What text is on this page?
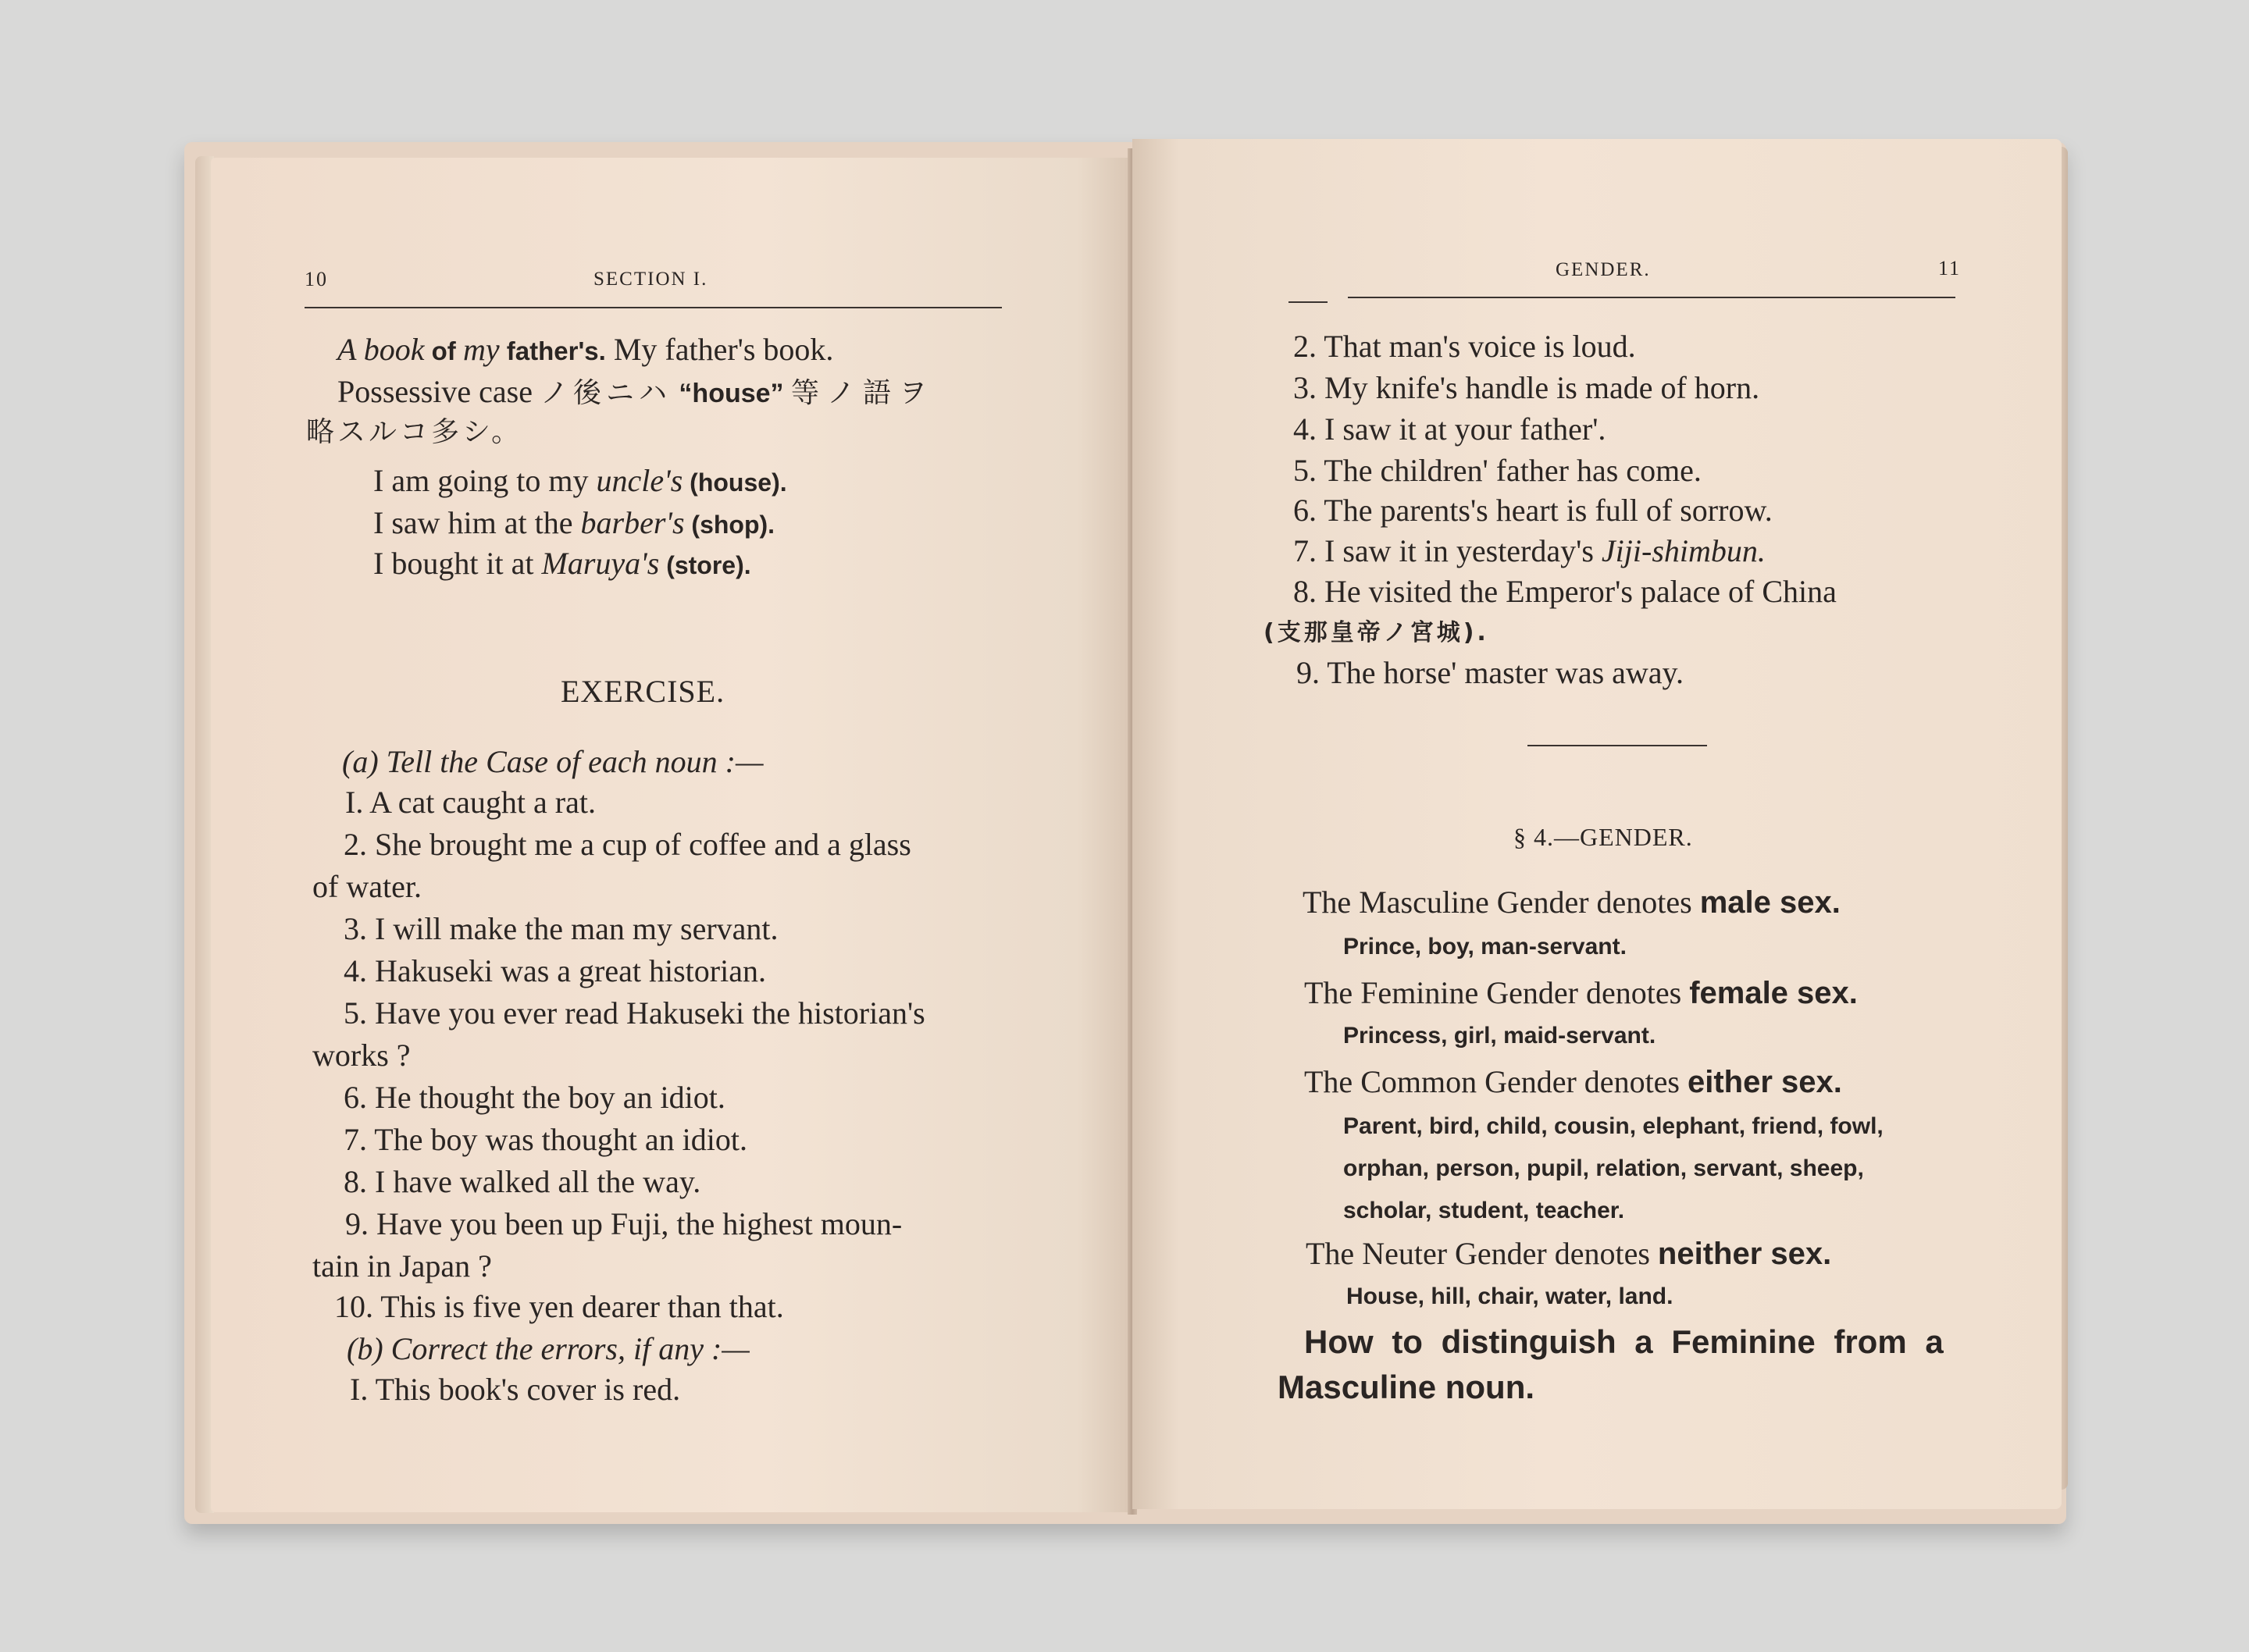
10	SECTION I.
A book of my father's. My father's book.
Possessive case ノ後ニハ “house” 等ノ語ヲ
略スルコ多シ。
I am going to my uncle's (house).
I saw him at the barber's (shop).
I bought it at Maruya's (store).
EXERCISE.
(a) Tell the Case of each noun :—
I. A cat caught a rat.
2. She brought me a cup of coffee and a glass
of water.
3. I will make the man my servant.
4. Hakuseki was a great historian.
5. Have you ever read Hakuseki the historian's
works ?
6. He thought the boy an idiot.
7. The boy was thought an idiot.
8. I have walked all the way.
9. Have you been up Fuji, the highest moun-
tain in Japan ?
10. This is five yen dearer than that.
(b) Correct the errors, if any :—
I. This book's cover is red.
GENDER.	11
2. That man's voice is loud.
3. My knife's handle is made of horn.
4. I saw it at your father'.
5. The children' father has come.
6. The parents's heart is full of sorrow.
7. I saw it in yesterday's Jiji-shimbun.
8. He visited the Emperor's palace of China
(支那皇帝ノ宮城).
9. The horse' master was away.
§ 4.—GENDER.
The Masculine Gender denotes male sex.
Prince, boy, man-servant.
The Feminine Gender denotes female sex.
Princess, girl, maid-servant.
The Common Gender denotes either sex.
Parent, bird, child, cousin, elephant, friend, fowl,
orphan, person, pupil, relation, servant, sheep,
scholar, student, teacher.
The Neuter Gender denotes neither sex.
House, hill, chair, water, land.
How to distinguish a Feminine from a
Masculine noun.
